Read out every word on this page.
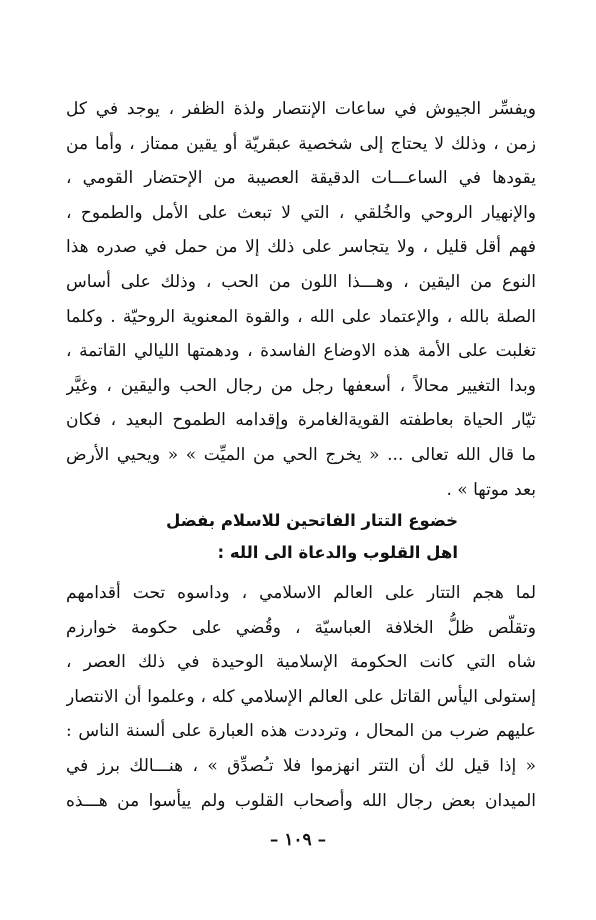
ويفسِّر الجيوش في ساعات الإنتصار ولذة الظفر ، يوجد في كل
زمن ، وذلك لا يحتاج إلى شخصية عبقريّة أو يقين ممتاز ، وأما من
يقودها في الساعـــات الدقيقة العصيبة من الإحتضار القومي ،
والإنهيار الروحي والخُلقي ، التي لا تبعث على الأمل والطموح ،
فهم أقل قليل ، ولا يتجاسر على ذلك إلا من حمل في صدره هذا
النوع من اليقين ، وهـــذا اللون من الحب ، وذلك على أساس
الصلة بالله ، والإعتماد على الله ، والقوة المعنوية الروحيّة . وكلما
تغلبت على الأمة هذه الاوضاع الفاسدة ، ودهمتها الليالي القاتمة ،
وبدا التغيير محالاً ، أسعفها رجل من رجال الحب واليقين ، وغيَّر
تيّار الحياة بعاطفته القويةالغامرة وإقدامه الطموح البعيد ، فكان
ما قال الله تعالى ... « يخرج الحي من الميِّت » « ويحيي الأرض
بعد موتها » .
خضوع التتار الفاتحين للاسلام بفضل
اهل القلوب والدعاة الى الله :
لما هجم التتار على العالم الاسلامي ، وداسوه تحت أقدامهم
وتقلّص ظلُّ الخلافة العباسيّة ، وقُضي على حكومة خوارزم
شاه التي كانت الحكومة الإسلامية الوحيدة في ذلك العصر ،
إستولى اليأس القاتل على العالم الإسلامي كله ، وعلموا أن الانتصار
عليهم ضرب من المحال ، وترددت هذه العبارة على ألسنة الناس :
« إذا قيل لك أن التتر انهزموا فلا تـُصدِّق » ، هنـــالك برز في
الميدان بعض رجال الله وأصحاب القلوب ولم ييأسوا من هـــذه
– ١٠٩ –
